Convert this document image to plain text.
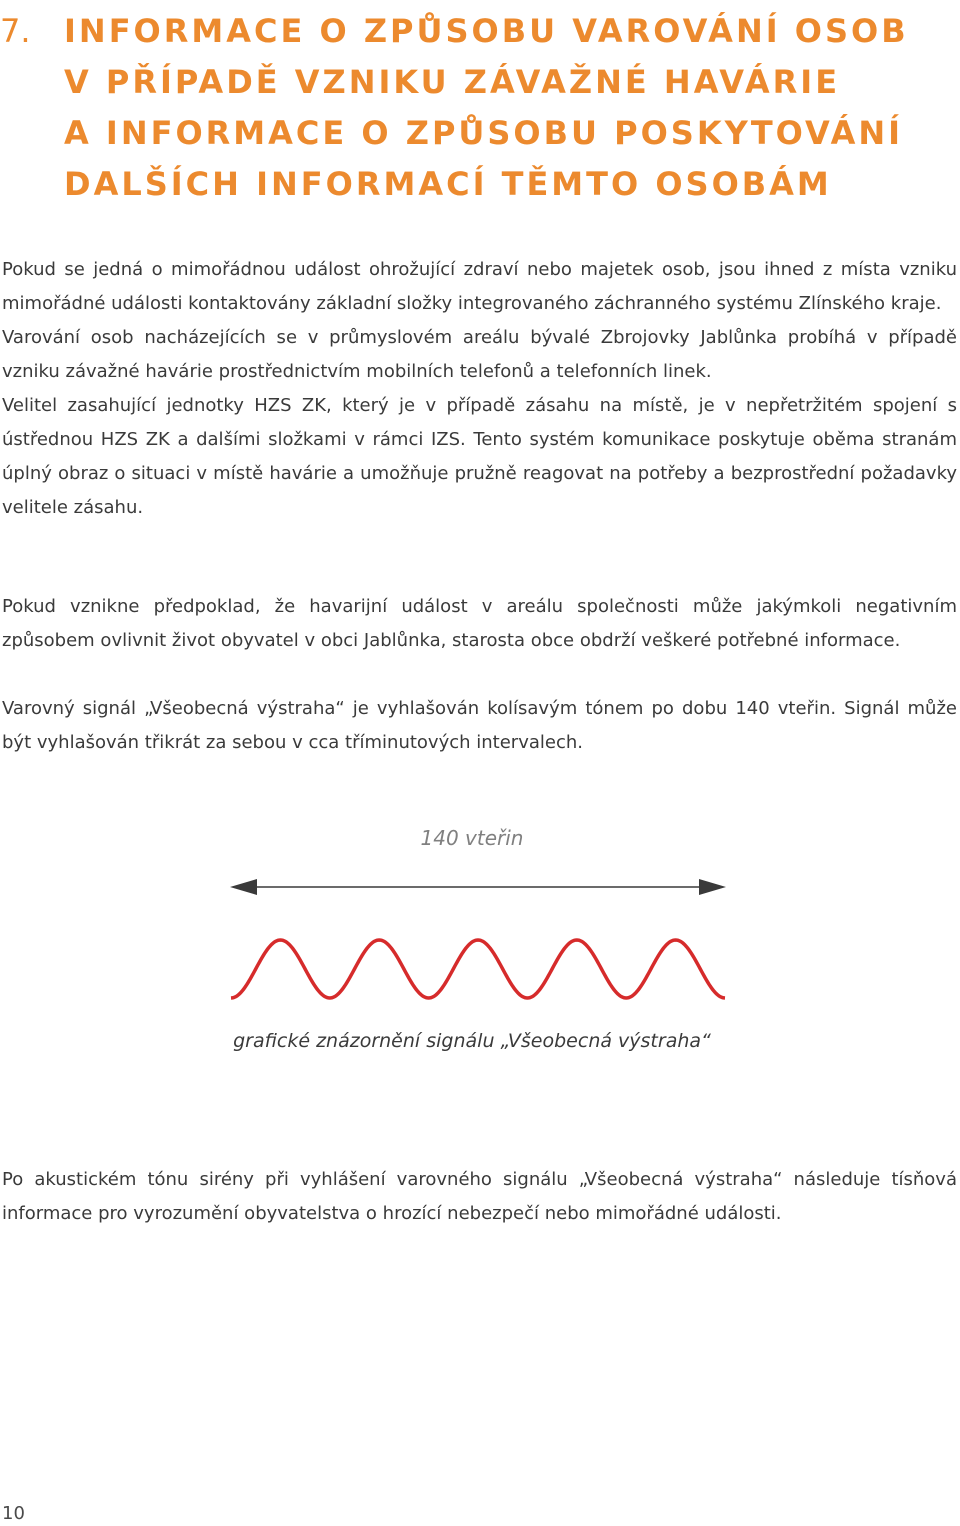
7. INFORMACE O ZPŮSOBU VAROVÁNÍ OSOB
V PŘÍPADĚ VZNIKU ZÁVAŽNÉ HAVÁRIE
A INFORMACE O ZPŮSOBU POSKYTOVÁNÍ
DALŠÍCH INFORMACÍ TĚMTO OSOBÁM

Pokud se jedná o mimořádnou událost ohrožující zdraví nebo majetek osob, jsou ihned z místa vzniku mimořádné události kontaktovány základní složky integrovaného záchranného systému Zlínského kraje.

Varování osob nacházejících se v průmyslovém areálu bývalé Zbrojovky Jablůnka probíhá v případě vzniku závažné havárie prostřednictvím mobilních telefonů a telefonních linek.

Velitel zasahující jednotky HZS ZK, který je v případě zásahu na místě, je v nepřetržitém spojení s ústřednou HZS ZK a dalšími složkami v rámci IZS. Tento systém komunikace poskytuje oběma stranám úplný obraz o situaci v místě havárie a umožňuje pružně reagovat na potřeby a bezprostřední požadavky velitele zásahu.

Pokud vznikne předpoklad, že havarijní událost v areálu společnosti může jakýmkoli negativním způsobem ovlivnit život obyvatel v obci Jablůnka, starosta obce obdrží veškeré potřebné informace.

Varovný signál „Všeobecná výstraha“ je vyhlašován kolísavým tónem po dobu 140 vteřin. Signál může být vyhlašován třikrát za sebou v cca tříminutových intervalech.

140 vteřin
grafické znázornění signálu „Všeobecná výstraha“

Po akustickém tónu sirény při vyhlášení varovného signálu „Všeobecná výstraha“ následuje tísňová informace pro vyrozumění obyvatelstva o hrozící nebezpečí nebo mimořádné události.

10
